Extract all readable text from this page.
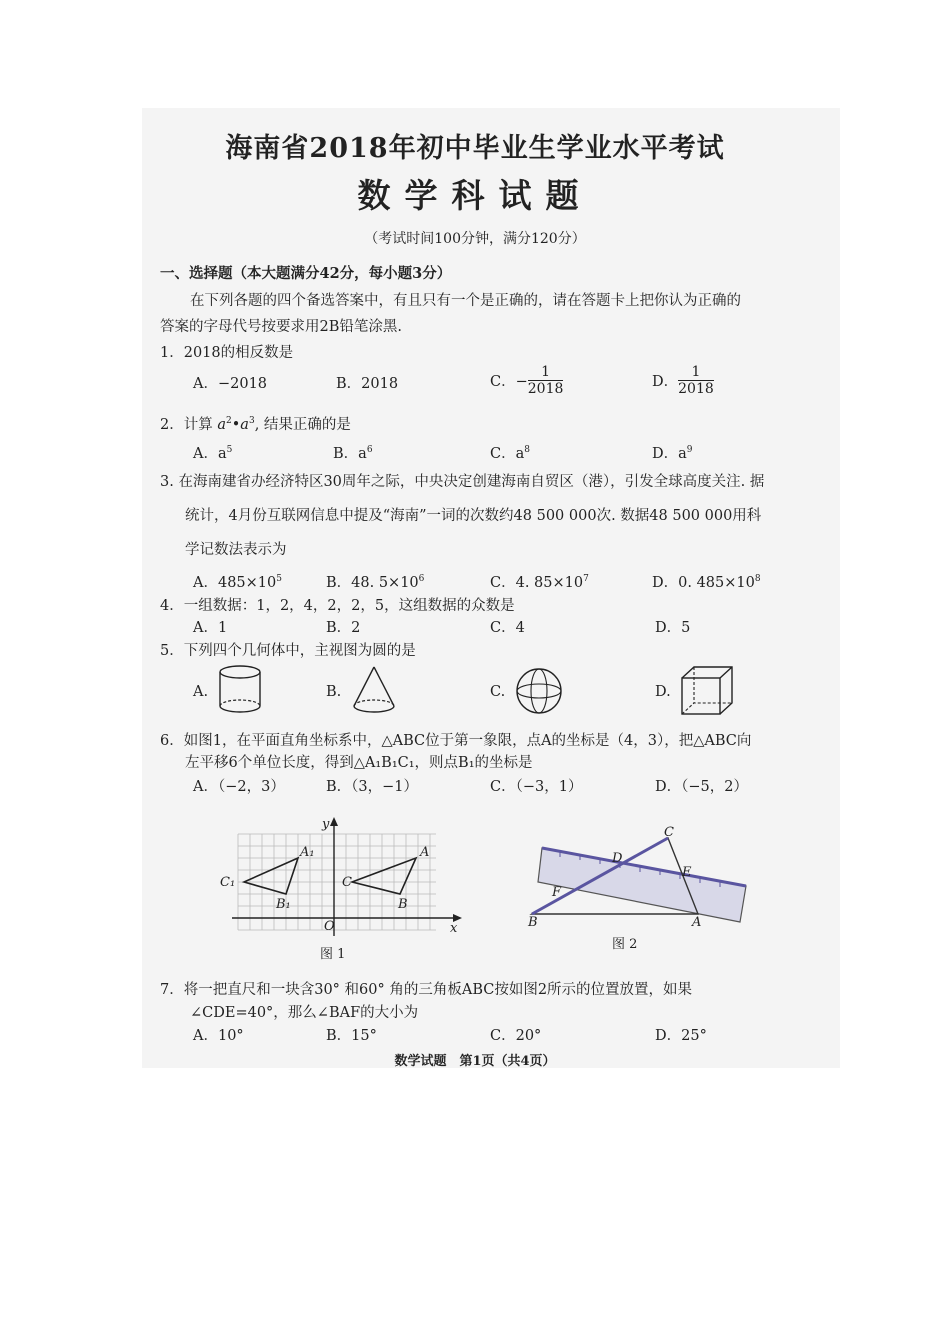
海南省2018年初中毕业生学业水平考试
数学科试题
（考试时间100分钟，满分120分）
一、选择题（本大题满分42分，每小题3分）
在下列各题的四个备选答案中，有且只有一个是正确的，请在答题卡上把你认为正确的
答案的字母代号按要求用2B铅笔涂黑.
1．2018的相反数是
A．−2018	B．2018	C．− $\frac{1}{2018}$	D． $\frac{1}{2018}$
2．计算 $a^2•a^3$, 结果正确的是
A．$a^5$	B．$a^6$	C．$a^8$	D．$a^9$
3. 在海南建省办经济特区30周年之际，中央决定创建海南自贸区（港），引发全球高度关注. 据
统计，4月份互联网信息中提及“海南”一词的次数约48 500 000次. 数据48 500 000用科
学记数法表示为
A．$485\times 10^5$	B．48. $5\times 10^6$	C．4. $85\times 10^7$	D．0. $485\times 10^8$
4．一组数据：1，2，4，2，2，5，这组数据的众数是
A．1	B．2	C．4	D．5
5．下列四个几何体中，主视图为圆的是
A.	B.	C.	D.
6．如图1，在平面直角坐标系中，△ABC位于第一象限，点A的坐标是（4，3），把△ABC向
左平移6个单位长度，得到△A₁B₁C₁，则点B₁的坐标是
A．（−2，3）	B．（3，−1）	C．（−3，1）	D．（−5，2）
y
x
O
A₁
B₁
C₁
A
B
C
图 1
C
D
E
F
B	A
图 2
7．将一把直尺和一块含30° 和60° 角的三角板ABC按如图2所示的位置放置，如果
∠CDE=40°，那么∠BAF的大小为
A．10°	B．15°	C．20°	D．25°
数学试题　第1页（共4页）
